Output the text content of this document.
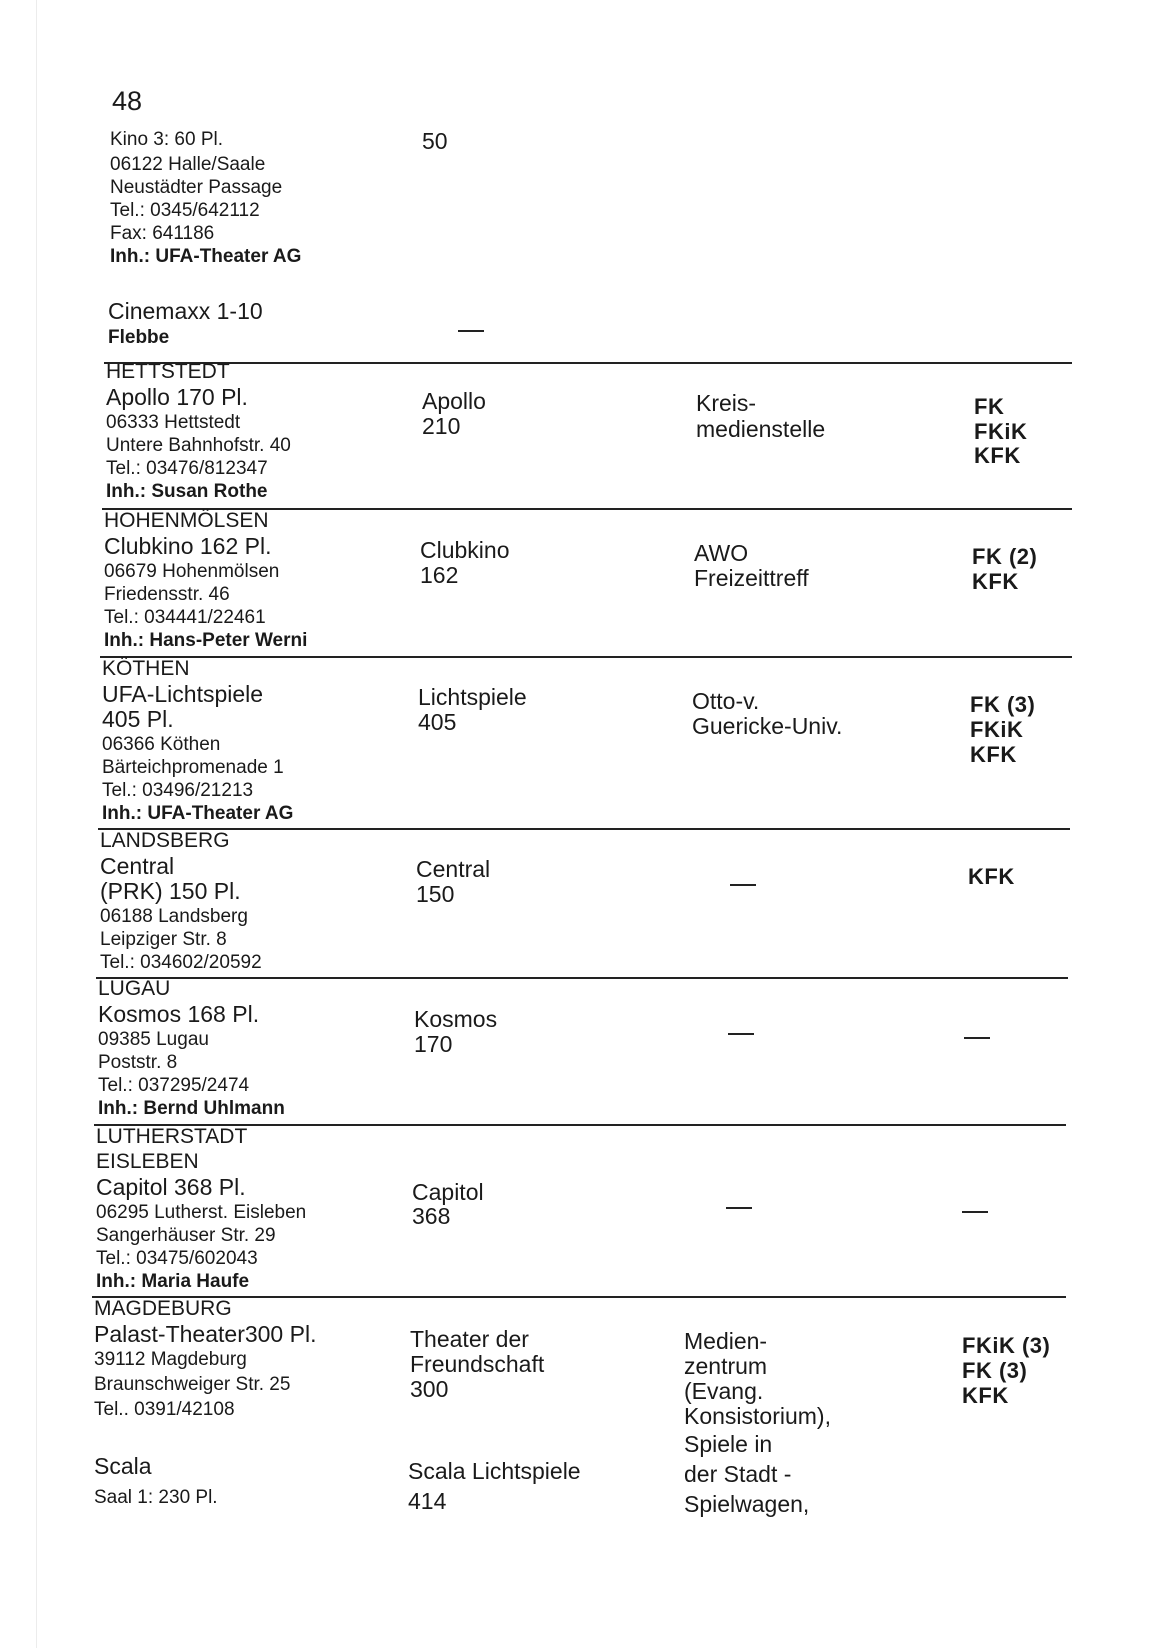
48
Kino 3: 60 Pl.	50
06122 Halle/Saale
Neustädter Passage
Tel.: 0345/642112
Fax: 641186
Inh.: UFA-Theater AG
Cinemaxx 1-10
Flebbe
HETTSTEDT
Apollo 170 Pl.
06333 Hettstedt
Untere Bahnhofstr. 40
Tel.: 03476/812347
Inh.: Susan Rothe
Apollo
210
Kreis-
medienstelle
FK
FKiK
KFK
HOHENMÖLSEN
Clubkino 162 Pl.
06679 Hohenmölsen
Friedensstr. 46
Tel.: 034441/22461
Inh.: Hans-Peter Werni
Clubkino
162
AWO
Freizeittreff
FK (2)
KFK
KÖTHEN
UFA-Lichtspiele
405 Pl.
06366 Köthen
Bärteichpromenade 1
Tel.: 03496/21213
Inh.: UFA-Theater AG
Lichtspiele
405
Otto-v.
Guericke-Univ.
FK (3)
FKiK
KFK
LANDSBERG
Central
(PRK) 150 Pl.
06188 Landsberg
Leipziger Str. 8
Tel.: 034602/20592
Central
150
KFK
LUGAU
Kosmos 168 Pl.
09385 Lugau
Poststr. 8
Tel.: 037295/2474
Inh.: Bernd Uhlmann
Kosmos
170
LUTHERSTADT
EISLEBEN
Capitol 368 Pl.
06295 Lutherst. Eisleben
Sangerhäuser Str. 29
Tel.: 03475/602043
Inh.: Maria Haufe
Capitol
368
MAGDEBURG
Palast-Theater300 Pl.
39112 Magdeburg
Braunschweiger Str. 25
Tel.. 0391/42108
Scala
Saal 1: 230 Pl.
Theater der
Freundschaft
300
Scala Lichtspiele
414
Medien-
zentrum
(Evang.
Konsistorium),
Spiele in
der Stadt -
Spielwagen,
FKiK (3)
FK (3)
KFK
